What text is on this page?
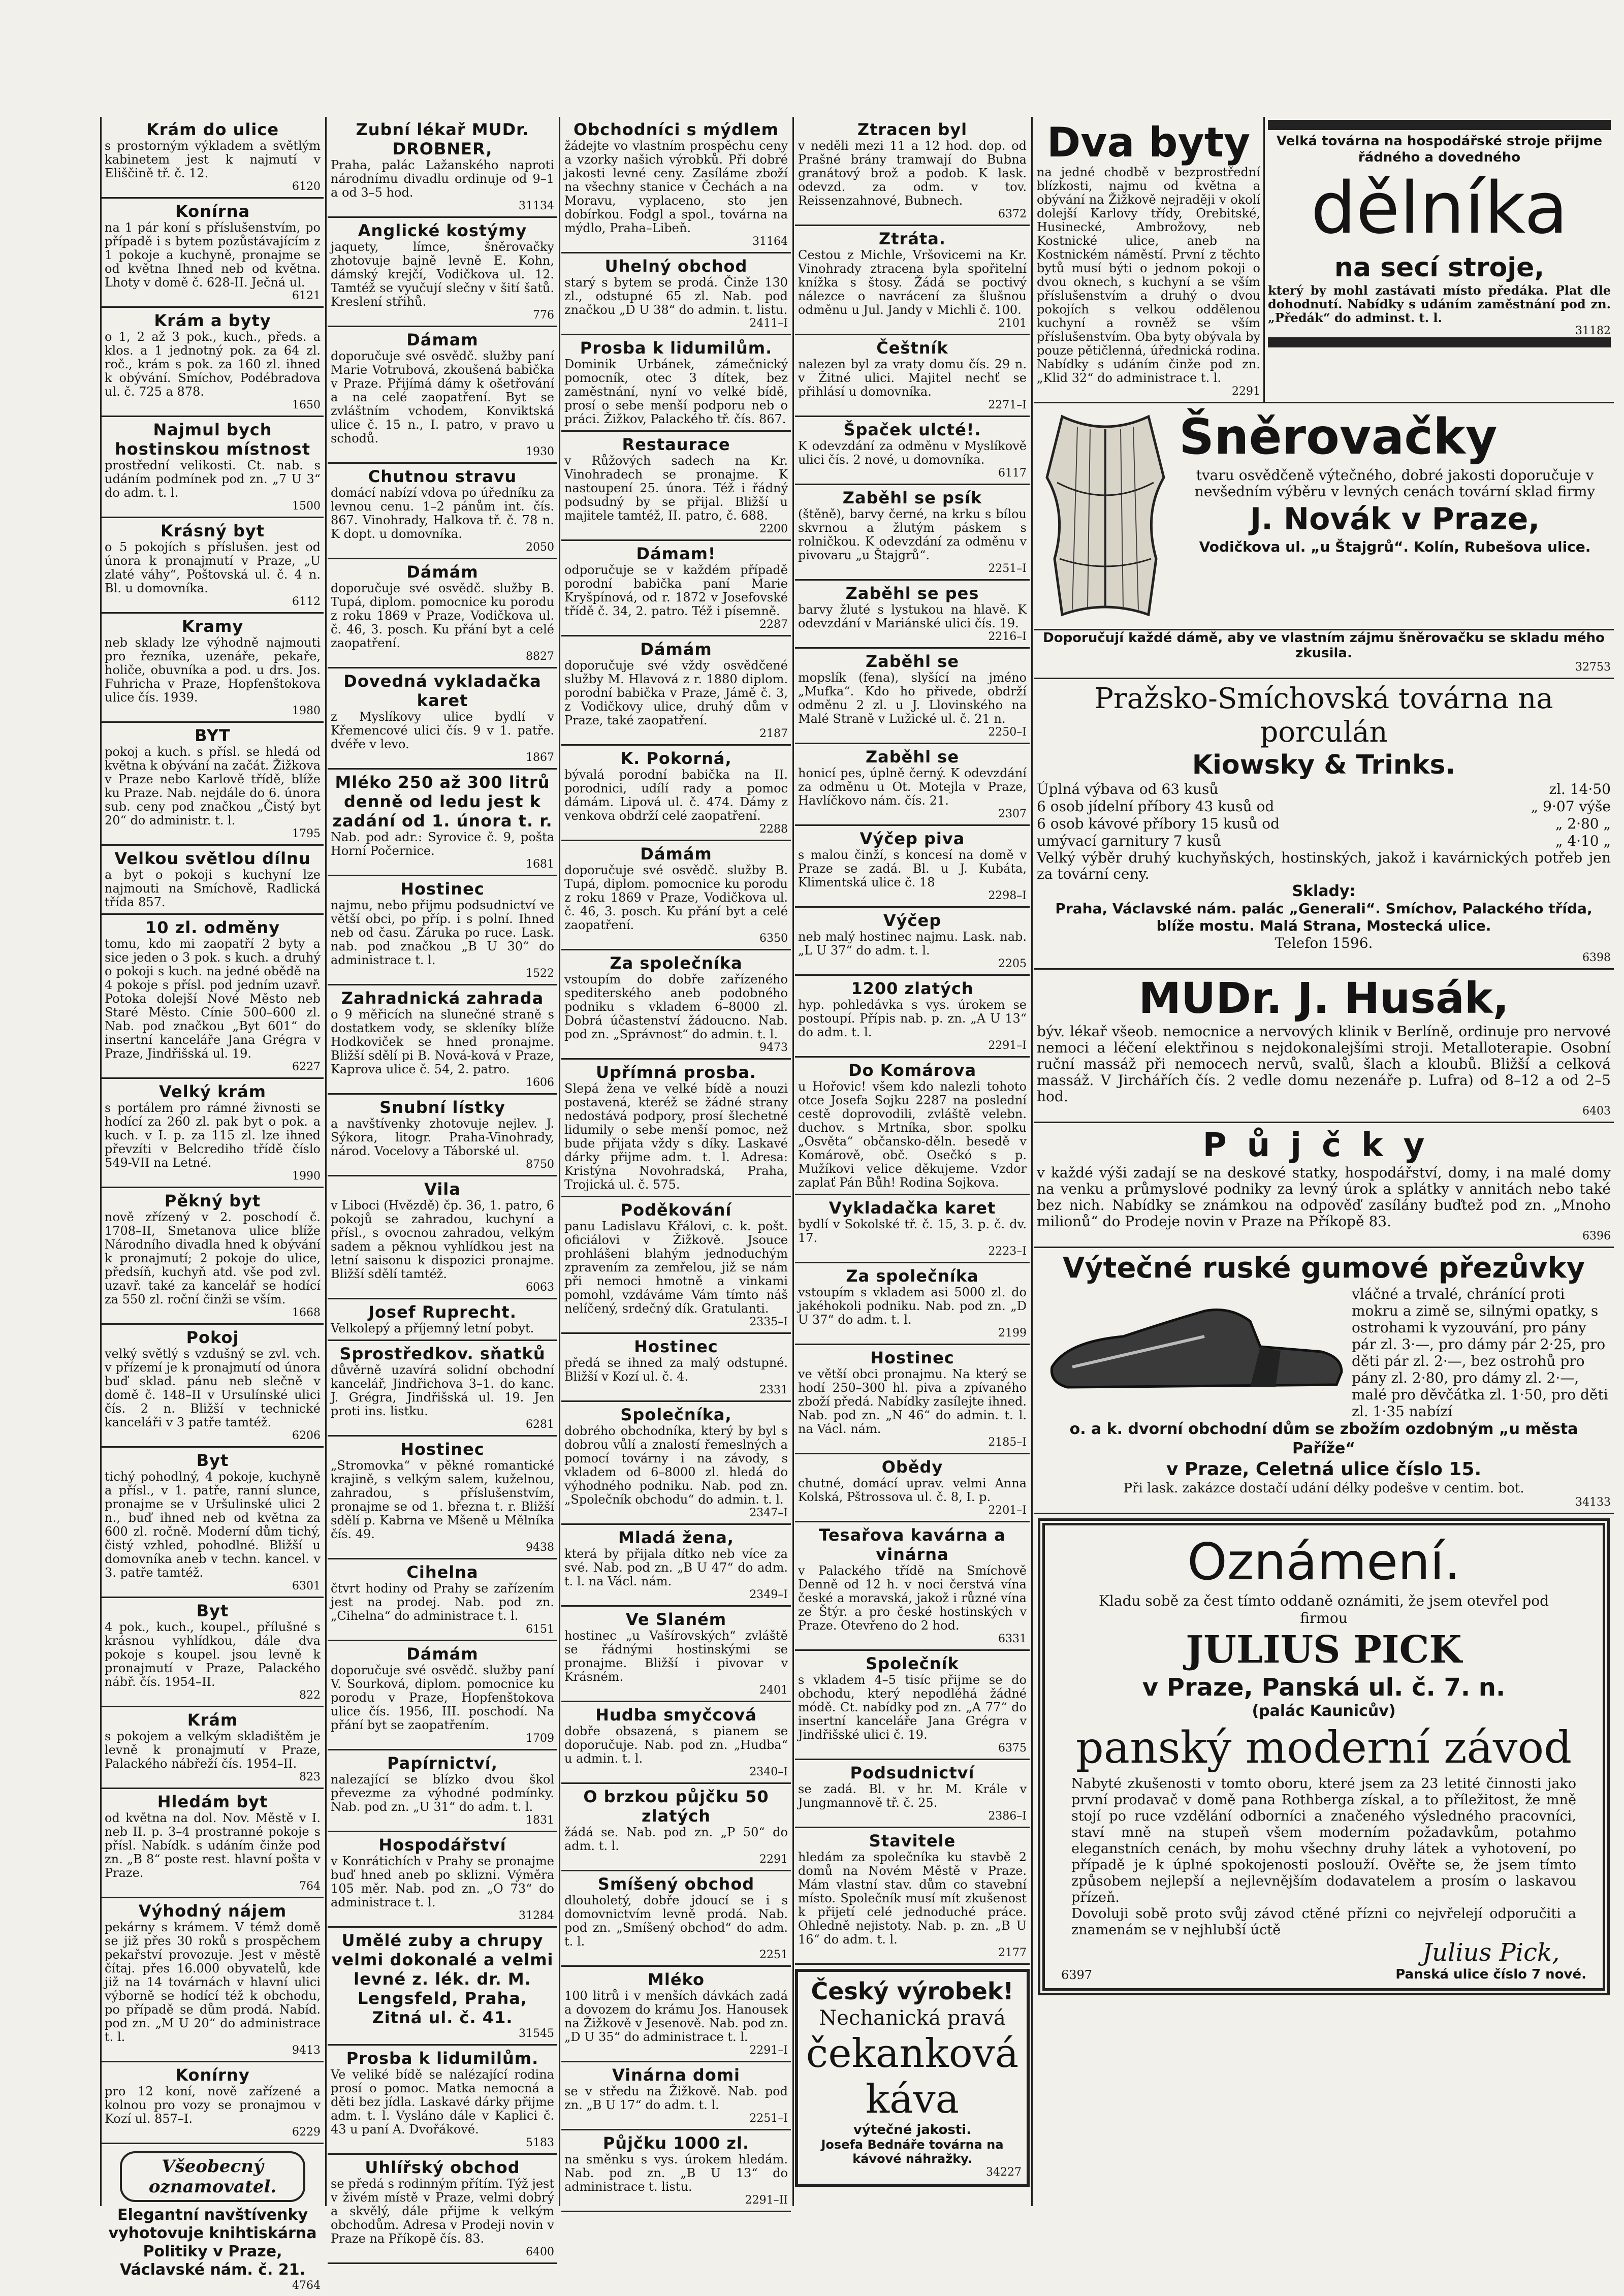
Krám do ulice
s prostorným výkladem a světlým kabinetem jest k najmutí v Eliščině tř. č. 12.
6120
Konírna
na 1 pár koní s příslušenstvím, po případě i s bytem pozůstávajícím z 1 pokoje a kuchyně, pronajme se od května Ihned neb od května. Lhoty v domě č. 628-II. Ječná ul.
6121
Krám a byty
o 1, 2 až 3 pok., kuch., předs. a klos. a 1 jednotný pok. za 64 zl. roč., krám s pok. za 160 zl. ihned k obývání. Smíchov, Podébradova ul. č. 725 a 878.
1650
Najmul bych hostinskou místnost
prostřední velikosti. Ct. nab. s udáním podmínek pod zn. „7 U 3“ do adm. t. l.
1500
Krásný byt
o 5 pokojích s příslušen. jest od února k pronajmutí v Praze, „U zlaté váhy“, Poštovská ul. č. 4 n. Bl. u domovníka.
6112
Kramy
neb sklady lze výhodně najmouti pro řezníka, uzenáře, pekaře, holiče, obuvníka a pod. u drs. Jos. Fuhricha v Praze, Hopfenštokova ulice čís. 1939.
1980
BYT
pokoj a kuch. s přísl. se hledá od května k obývání na začát. Žižkova v Praze nebo Karlově třídě, blíže ku Praze. Nab. nejdále do 6. února sub. ceny pod značkou „Čistý byt 20“ do administr. t. l.
1795
Velkou světlou dílnu
a byt o pokoji s kuchyní lze najmouti na Smíchově, Radlická třída 857.
10 zl. odměny
tomu, kdo mi zaopatří 2 byty a sice jeden o 3 pok. s kuch. a druhý o pokoji s kuch. na jedné obědě na 4 pokoje s přísl. pod jedním uzavř. Potoka dolejší Nové Město neb Staré Město. Cínie 500–600 zl. Nab. pod značkou „Byt 601“ do insertní kanceláře Jana Grégra v Praze, Jindřišská ul. 19.
6227
Velký krám
s portálem pro rámné živnosti se hodící za 260 zl. pak byt o pok. a kuch. v I. p. za 115 zl. lze ihned převzíti v Belcrediho třídě číslo 549-VII na Letné.
1990
Pěkný byt
nově zřízený v 2. poschodí č. 1708–II, Smetanova ulice blíže Národního divadla hned k obývání k pronajmutí; 2 pokoje do ulice, předsíň, kuchyň atd. vše pod zvl. uzavř. také za kancelář se hodící za 550 zl. roční činži se vším.
1668
Pokoj
velký světlý s vzdušný se zvl. vch. v přízemí je k pronajmutí od února buď sklad. pánu neb slečně v domě č. 148–II v Ursulínské ulici čís. 2 n. Bližší v technické kanceláři v 3 patře tamtéž.
6206
Byt
tichý pohodlný, 4 pokoje, kuchyně a přísl., v 1. patře, ranní slunce, pronajme se v Uršulinské ulici 2 n., buď ihned neb od května za 600 zl. ročně. Moderní dům tichý, čistý vzhled, pohodlné. Bližší u domovníka aneb v techn. kancel. v 3. patře tamtéž.
6301
Byt
4 pok., kuch., koupel., přílušné s krásnou vyhlídkou, dále dva pokoje s koupel. jsou levně k pronajmutí v Praze, Palackého nábř. čís. 1954–II.
822
Krám
s pokojem a velkým skladištěm je levně k pronajmutí v Praze, Palackého nábřeží čís. 1954–II.
823
Hledám byt
od května na dol. Nov. Městě v I. neb II. p. 3–4 prostranné pokoje s přísl. Nabídk. s udáním činže pod zn. „B 8“ poste rest. hlavní pošta v Praze.
764
Výhodný nájem
pekárny s krámem. V témž domě se již přes 30 roků s prospěchem pekařství provozuje. Jest v městě čítaj. přes 16.000 obyvatelů, kde již na 14 továrnách v hlavní ulici výborně se hodící též k obchodu, po případě se dům prodá. Nabíd. pod zn. „M U 20“ do administrace t. l.
9413
Konírny
pro 12 koní, nově zařízené a kolnou pro vozy se pronajmou v Kozí ul. 857–I.
6229
Všeobecný oznamovatel.
Elegantní navštívenky vyhotovuje knihtiskárna Politiky v Praze, Václavské nám. č. 21.
4764
Zubní lékař MUDr. DROBNER,
Praha, palác Lažanského naproti národnímu divadlu ordinuje od 9–1 a od 3–5 hod.
31134
Anglické kostýmy
jaquety, límce, šněrovačky zhotovuje bajně levně E. Kohn, dámský krejčí, Vodičkova ul. 12. Tamtéž se vyučují slečny v šití šatů. Kreslení střihů.
776
Dámam
doporučuje své osvědč. služby paní Marie Votrubová, zkoušená babička v Praze. Přijímá dámy k ošetřování a na celé zaopatření. Byt se zvláštním vchodem, Konviktská ulice č. 15 n., I. patro, v pravo u schodů.
1930
Chutnou stravu
domácí nabízí vdova po úředníku za levnou cenu. 1–2 pánům int. čís. 867. Vinohrady, Halkova tř. č. 78 n. K dopt. u domovníka.
2050
Dámám
doporučuje své osvědč. služby B. Tupá, diplom. pomocnice ku porodu z roku 1869 v Praze, Vodičkova ul. č. 46, 3. posch. Ku přání byt a celé zaopatření.
8827
Dovedná vykladačka karet
z Myslíkovy ulice bydlí v Křemencové ulici čís. 9 v 1. patře. dvéře v levo.
1867
Mléko 250 až 300 litrů denně od ledu jest k zadání od 1. února t. r.
Nab. pod adr.: Syrovice č. 9, pošta Horní Počernice.
1681
Hostinec
najmu, nebo přijmu podsudnictví ve větší obci, po příp. i s polní. Ihned neb od času. Záruka po ruce. Lask. nab. pod značkou „B U 30“ do administrace t. l.
1522
Zahradnická zahrada
o 9 měřicích na slunečné straně s dostatkem vody, se skleníky blíže Hodkoviček se hned pronajme. Bližší sdělí pi B. Nová-ková v Praze, Kaprova ulice č. 54, 2. patro.
1606
Snubní lístky
a navštívenky zhotovuje nejlev. J. Sýkora, litogr. Praha-Vinohrady, národ. Vocelovy a Táborské ul.
8750
Vila
v Liboci (Hvězdě) čp. 36, 1. patro, 6 pokojů se zahradou, kuchyní a přísl., s ovocnou zahradou, velkým sadem a pěknou vyhlídkou jest na letní saisonu k dispozici pronajme. Bližší sdělí tamtéž.
6063
Josef Ruprecht.
Velkolepý a příjemný letní pobyt.
Sprostředkov. sňatků
důvěrně uzavírá solidní obchodní kancelář, Jindřichova 3–1. do kanc. J. Grégra, Jindřišská ul. 19. Jen proti ins. listku.
6281
Hostinec
„Stromovka“ v pěkné romantické krajině, s velkým salem, kuželnou, zahradou, s příslušenstvím, pronajme se od 1. března t. r. Bližší sdělí p. Kabrna ve Mšeně u Mělníka čís. 49.
9438
Cihelna
čtvrt hodiny od Prahy se zařízením jest na prodej. Nab. pod zn. „Cihelna“ do administrace t. l.
6151
Dámám
doporučuje své osvědč. služby paní V. Sourková, diplom. pomocnice ku porodu v Praze, Hopfenštokova ulice čís. 1956, III. poschodí. Na přání byt se zaopatřením.
1709
Papírnictví,
nalezající se blízko dvou škol převezme za výhodné podmínky. Nab. pod zn. „U 31“ do adm. t. l.
1831
Hospodářství
v Konrátichích v Prahy se pronajme buď hned aneb po sklizni. Výměra 105 měr. Nab. pod zn. „O 73“ do administrace t. l.
31284
Umělé zuby a chrupy velmi dokonalé a velmi levné z. lék. dr. M. Lengsfeld, Praha, Zitná ul. č. 41.
31545
Prosba k lidumilům.
Ve veliké bídě se nalézající rodina prosí o pomoc. Matka nemocná a děti bez jídla. Laskavé dárky přijme adm. t. l. Vysláno dále v Kaplici č. 43 u paní A. Dvořákové.
5183
Uhlířský obchod
se předá s rodinným přítím. Týž jest v živém místě v Praze, velmi dobrý a skvělý, dále přijme k velkým obchodům. Adresa v Prodeji novin v Praze na Příkopě čís. 83.
6400
Obchodníci s mýdlem
žádejte vo vlastním prospěchu ceny a vzorky našich výrobků. Při dobré jakosti levné ceny. Zasíláme zboží na všechny stanice v Čechách a na Moravu, vyplaceno, sto jen dobírkou. Fodgl a spol., továrna na mýdlo, Praha–Libeň.
31164
Uhelný obchod
starý s bytem se prodá. Činže 130 zl., odstupné 65 zl. Nab. pod značkou „D U 38“ do admin. t. listu.
2411–I
Prosba k lidumilům.
Dominik Urbánek, zámečnický pomocník, otec 3 dítek, bez zaměstnání, nyní vo velké bídě, prosí o sebe menší podporu neb o práci. Žižkov, Palackého tř. čís. 867.
Restaurace
v Růžových sadech na Kr. Vinohradech se pronajme. K nastoupení 25. února. Též i řádný podsudný by se přijal. Bližší u majitele tamtéž, II. patro, č. 688.
2200
Dámam!
odporučuje se v každém případě porodní babička paní Marie Kryšpínová, od r. 1872 v Josefovské třídě č. 34, 2. patro. Též i písemně.
2287
Dámám
doporučuje své vždy osvědčené služby M. Hlavová z r. 1880 diplom. porodní babička v Praze, Jámě č. 3, z Vodičkovy ulice, druhý dům v Praze, také zaopatření.
2187
K. Pokorná,
bývalá porodní babička na II. porodnici, udílí rady a pomoc dámám. Lipová ul. č. 474. Dámy z venkova obdrží celé zaopatření.
2288
Dámám
doporučuje své osvědč. služby B. Tupá, diplom. pomocnice ku porodu z roku 1869 v Praze, Vodičkova ul. č. 46, 3. posch. Ku přání byt a celé zaopatření.
6350
Za společníka
vstoupím do dobře zařízeného spediterského aneb podobného podniku s vkladem 6–8000 zl. Dobrá účastenství žádoucno. Nab. pod zn. „Správnost“ do admin. t. l.
9473
Upřímná prosba.
Slepá žena ve velké bídě a nouzi postavená, kteréž se žádné strany nedostává podpory, prosí šlechetné lidumily o sebe menší pomoc, než bude přijata vždy s díky. Laskavé dárky přijme adm. t. l. Adresa: Kristýna Novohradská, Praha, Trojická ul. č. 575.
Poděkování
panu Ladislavu Křálovi, c. k. pošt. oficiálovi v Žižkově. Jsouce prohlášeni blahým jednoduchým zpravením za zemřelou, již se nám při nemoci hmotně a vinkami pomohl, vzdáváme Vám tímto náš nelíčený, srdečný dík. Gratulanti.
2335–I
Hostinec
předá se ihned za malý odstupné. Bližší v Kozí ul. č. 4.
2331
Společníka,
dobrého obchodníka, který by byl s dobrou vůlí a znalostí řemeslných a pomocí továrny i na závody, s vkladem od 6–8000 zl. hledá do výhodného podniku. Nab. pod zn. „Společník obchodu“ do admin. t. l.
2347–I
Mladá žena,
která by přijala dítko neb více za své. Nab. pod zn. „B U 47“ do adm. t. l. na Václ. nám.
2349–I
Ve Slaném
hostinec „u Vašírovských“ zvláště se řádnými hostinskými se pronajme. Bližší i pivovar v Krásném.
2401
Hudba smyčcová
dobře obsazená, s pianem se doporučuje. Nab. pod zn. „Hudba“ u admin. t. l.
2340–I
O brzkou půjčku 50 zlatých
žádá se. Nab. pod zn. „P 50“ do adm. t. l.
2291
Smíšený obchod
dlouholetý, dobře jdoucí se i s domovnictvím levně prodá. Nab. pod zn. „Smíšený obchod“ do adm. t. l.
2251
Mléko
100 litrů i v menších dávkách zadá a dovozem do krámu Jos. Hanousek na Žižkově v Jesenově. Nab. pod zn. „D U 35“ do administrace t. l.
2291–I
Vinárna domi
se v středu na Žižkově. Nab. pod zn. „B U 17“ do adm. t. l.
2251–I
Půjčku 1000 zl.
na směnku s vys. úrokem hledám. Nab. pod zn. „B U 13“ do administrace t. listu.
2291–II
Ztracen byl
v neděli mezi 11 a 12 hod. dop. od Prašné brány tramwají do Bubna granátový brož a podob. K lask. odevzd. za odm. v tov. Reissenzahnové, Bubnech.
6372
Ztráta.
Cestou z Michle, Vršovicemi na Kr. Vinohrady ztracena byla spořitelní knížka s štosy. Žádá se poctivý nálezce o navrácení za šlušnou odměnu u Jul. Jandy v Michli č. 100.
2101
Češtník
nalezen byl za vraty domu čís. 29 n. v Žitné ulici. Majitel nechť se přihlásí u domovníka.
2271–I
Špaček ulcté!.
K odevzdání za odměnu v Myslíkově ulici čís. 2 nové, u domovníka.
6117
Zaběhl se psík
(štěně), barvy černé, na krku s bílou skvrnou a žlutým páskem s rolničkou. K odevzdání za odměnu v pivovaru „u Štajgrů“.
2251–I
Zaběhl se pes
barvy žluté s lystukou na hlavě. K odevzdání v Mariánské ulici čís. 19.
2216–I
Zaběhl se
mopslík (fena), slyšící na jméno „Mufka“. Kdo ho přivede, obdrží odměnu 2 zl. u J. Llovinského na Malé Straně v Lužické ul. č. 21 n.
2250–I
Zaběhl se
honicí pes, úplně černý. K odevzdání za odměnu u Ot. Motejla v Praze, Havlíčkovo nám. čís. 21.
2307
Výčep piva
s malou činží, s koncesí na domě v Praze se zadá. Bl. u J. Kubáta, Klimentská ulice č. 18
2298–I
Výčep
neb malý hostinec najmu. Lask. nab. „L U 37“ do adm. t. l.
2205
1200 zlatých
hyp. pohledávka s vys. úrokem se postoupí. Přípis nab. p. zn. „A U 13“ do adm. t. l.
2291–I
Do Komárova
u Hořovic! všem kdo nalezli tohoto otce Josefa Sojku 2287 na poslední cestě doprovodili, zvláště velebn. duchov. s Mrtníka, sbor. spolku „Osvěta“ občansko-děln. besedě v Komárově, obč. Osečkó s p. Mužíkovi velice děkujeme. Vzdor zaplať Pán Bůh! Rodina Sojkova.
Vykladačka karet
bydlí v Sokolské tř. č. 15, 3. p. č. dv. 17.
2223–I
Za společníka
vstoupím s vkladem asi 5000 zl. do jakéhokoli podniku. Nab. pod zn. „D U 37“ do adm. t. l.
2199
Hostinec
ve větší obci pronajmu. Na který se hodí 250–300 hl. piva a zpívaného zboží předá. Nabídky zasílejte ihned. Nab. pod zn. „N 46“ do admin. t. l. na Václ. nám.
2185–I
Obědy
chutné, domácí uprav. velmi Anna Kolská, Pštrossova ul. č. 8, I. p.
2201–I
Tesařova kavárna a vinárna
v Palackého třídě na Smíchově Denně od 12 h. v noci čerstvá vína české a moravská, jakož i různé vína ze Štýr. a pro české hostinských v Praze. Otevřeno do 2 hod.
6331
Společník
s vkladem 4–5 tisíc přijme se do obchodu, který nepodléhá žádné módě. Ct. nabídky pod zn. „A 77“ do insertní kanceláře Jana Grégra v Jindřišské ulici č. 19.
6375
Podsudnictví
se zadá. Bl. v hr. M. Krále v Jungmannově tř. č. 25.
2386–I
Stavitele
hledám za společníka ku stavbě 2 domů na Novém Městě v Praze. Mám vlastní stav. dům co stavební místo. Společník musí mít zkušenost k přijetí celé jednoduché práce. Ohledně nejistoty. Nab. p. zn. „B U 16“ do adm. t. l.
2177
Český výrobek!
Nechanická pravá
čekanková káva
výtečné jakosti.
Josefa Bednáře továrna na kávové náhražky.
34227
Dva byty
na jedné chodbě v bezprostřední blízkosti, najmu od května a obývání na Žižkově nejraději v okolí dolejší Karlovy třídy, Orebitské, Husinecké, Ambrožovy, neb Kostnické ulice, aneb na Kostnickém náměstí. První z těchto bytů musí býti o jednom pokoji o dvou oknech, s kuchyní a se vším příslušenstvím a druhý o dvou pokojích s velkou oddělenou kuchyní a rovněž se vším příslušenstvím. Oba byty obývala by pouze pětičlenná, úřednická rodina. Nabídky s udáním činže pod zn. „Klid 32“ do administrace t. l.
2291
Velká továrna na hospodářské stroje přijme řádného a dovedného
dělníka
na secí stroje,
který by mohl zastávati místo předáka. Plat dle dohodnutí. Nabídky s udáním zaměstnání pod zn. „Předák“ do adminst. t. l.
31182
Šněrovačky
tvaru osvědčeně výtečného, dobré jakosti doporučuje v nevšedním výběru v levných cenách tovární sklad firmy
J. Novák v Praze,
Vodičkova ul. „u Štajgrů“. Kolín, Rubešova ulice.
Doporučují každé dámě, aby ve vlastním zájmu šněrovačku se skladu mého zkusila.
32753
Pražsko-Smíchovská továrna na porculán
Kiowsky & Trinks.
Úplná výbava od 63 kusů	zl. 14·50
6 osob jídelní příbory 43 kusů od	„ 9·07 výše
6 osob kávové příbory 15 kusů od	„ 2·80 „
umývací garnitury 7 kusů	„ 4·10 „
Velký výběr druhý kuchyňských, hostinských, jakož i kavárnických potřeb jen za tovární ceny.
Sklady:
Praha, Václavské nám. palác „Generali“. Smíchov, Palackého třída, blíže mostu. Malá Strana, Mostecká ulice.
Telefon 1596.
6398
MUDr. J. Husák,
býv. lékař všeob. nemocnice a nervových klinik v Berlíně, ordinuje pro nervové nemoci a léčení elektřinou s nejdokonalejšími stroji. Metalloterapie. Osobní ruční massáž při nemocech nervů, svalů, šlach a kloubů. Bližší a celková massáž. V Jirchářích čís. 2 vedle domu nezenáře p. Lufra) od 8–12 a od 2–5 hod.
6403
Půjčky
v každé výši zadají se na deskové statky, hospodářství, domy, i na malé domy na venku a průmyslové podniky za levný úrok a splátky v annitách nebo také bez nich. Nabídky se známkou na odpověď zasílány buďtež pod zn. „Mnoho milionů“ do Prodeje novin v Praze na Příkopě 83.
6396
Výtečné ruské gumové přezůvky
vláčné a trvalé, chránící proti mokru a zimě se, silnými opatky, s ostrohami k vyzouvání, pro pány pár zl. 3·—, pro dámy pár 2·25, pro děti pár zl. 2·—, bez ostrohů pro pány zl. 2·80, pro dámy zl. 2·—, malé pro děvčátka zl. 1·50, pro děti zl. 1·35 nabízí
o. a k. dvorní obchodní dům se zbožím ozdobným „u města Paříže“
v Praze, Celetná ulice číslo 15.
Při lask. zakázce dostačí udání délky podešve v centim. bot.
34133
Oznámení.
Kladu sobě za čest tímto oddaně oznámiti, že jsem otevřel pod firmou
JULIUS PICK
v Praze, Panská ul. č. 7. n.
(palác Kaunicův)
panský moderní závod
Nabyté zkušenosti v tomto oboru, které jsem za 23 letité činnosti jako první prodavač v domě pana Rothberga získal, a to příležitost, že mně stojí po ruce vzdělání odborníci a značeného výsledného pracovníci, staví mně na stupeň všem moderním požadavkům, potahmo eleganstních cenách, by mohu všechny druhy látek a vyhotovení, po případě je k úplné spokojenosti poslouží. Ověřte se, že jsem tímto způsobem nejlepší a nejlevnějším dodavatelem a prosím o laskavou přízeň.
Dovoluji sobě proto svůj závod ctěné přízni co nejvřelejí odporučiti a znamenám se v nejhlubší úctě
6397
Julius Pick,
Panská ulice číslo 7 nové.
